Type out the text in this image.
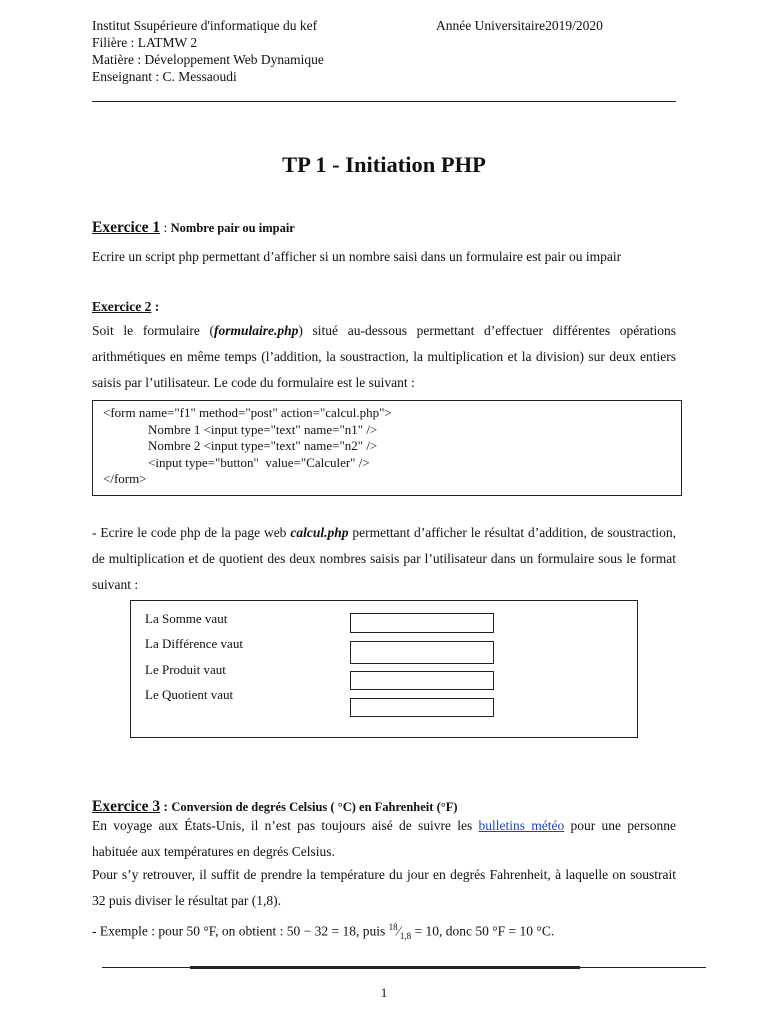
Institut Ssupérieure d'informatique du kef	Année Universitaire2019/2020
Filière : LATMW 2
Matière : Développement Web Dynamique
Enseignant : C. Messaoudi
TP 1 - Initiation PHP
Exercice 1 : Nombre pair ou impair
Ecrire un script php permettant d’afficher si un nombre saisi dans un formulaire est pair ou impair
Exercice 2 :
Soit le formulaire (formulaire.php) situé au-dessous permettant d’effectuer différentes opérations arithmétiques en même temps (l’addition, la soustraction, la multiplication et la division) sur deux entiers saisis par l’utilisateur. Le code du formulaire est le suivant :
<form name="f1" method="post" action="calcul.php">
Nombre 1 <input type="text" name="n1" />
Nombre 2 <input type="text" name="n2" />
<input type="button"  value="Calculer" />
</form>
- Ecrire le code php de la page web calcul.php permettant d’afficher le résultat d’addition, de soustraction, de multiplication et de quotient des deux nombres saisis par l’utilisateur dans un formulaire sous le format suivant :
La Somme vaut
La Différence vaut
Le Produit vaut
Le Quotient vaut
Exercice 3 : Conversion de degrés Celsius ( °C) en Fahrenheit (°F)
En voyage aux États-Unis, il n’est pas toujours aisé de suivre les bulletins météo pour une personne habituée aux températures en degrés Celsius.
Pour s’y retrouver, il suffit de prendre la température du jour en degrés Fahrenheit, à laquelle on soustrait 32 puis diviser le résultat par (1,8).
- Exemple : pour 50 °F, on obtient : 50 − 32 = 18, puis $^{18}⁄_{1,8} = 10$, donc 50 °F = 10 °C.
1
